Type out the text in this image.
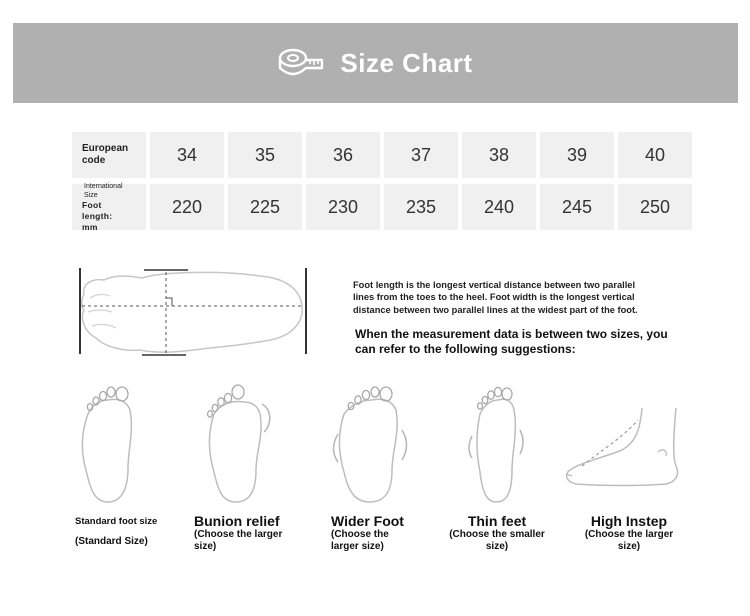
Size Chart
European
code	34	35	36	37	38	39	40
International
Size
Foot
length:
mm
220	225	230	235	240	245	250
Foot length is the longest vertical distance between two parallel
lines from the toes to the heel. Foot width is the longest vertical
distance between two parallel lines at the widest part of the foot.
When the measurement data is between two sizes, you
can refer to the following suggestions:
Standard foot size
(Standard Size)
Bunion relief
(Choose the larger
size)
Wider Foot
(Choose the
larger size)
Thin feet
(Choose the smaller
size)
High Instep
(Choose the larger
size)
